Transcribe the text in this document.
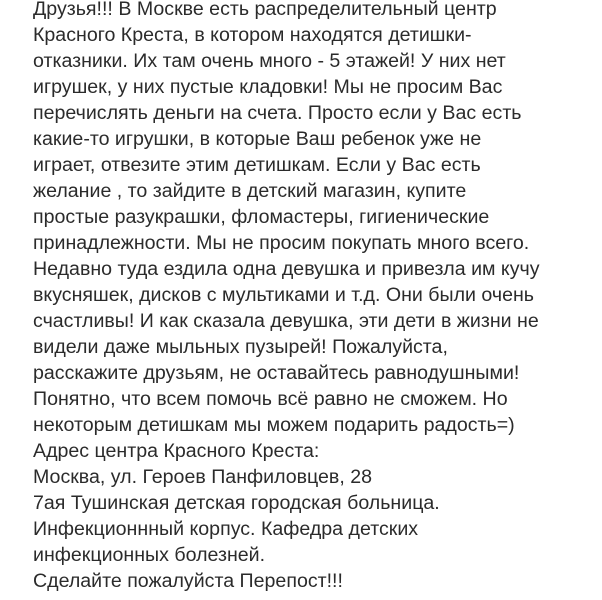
Друзья!!! В Москве есть распределительный центр
Красного Креста, в котором находятся детишки-
отказники. Их там очень много - 5 этажей! У них нет
игрушек, у них пустые кладовки! Мы не просим Вас
перечислять деньги на счета. Просто если у Вас есть
какие-то игрушки, в которые Ваш ребенок уже не
играет, отвезите этим детишкам. Если у Вас есть
желание , то зайдите в детский магазин, купите
простые разукрашки, фломастеры, гигиенические
принадлежности. Мы не просим покупать много всего.
Недавно туда ездила одна девушка и привезла им кучу
вкусняшек, дисков с мультиками и т.д. Они были очень
счастливы! И как сказала девушка, эти дети в жизни не
видели даже мыльных пузырей! Пожалуйста,
расскажите друзьям, не оставайтесь равнодушными!
Понятно, что всем помочь всё равно не сможем. Но
некоторым детишкам мы можем подарить радость=)
Адрес центра Красного Креста:
Москва, ул. Героев Панфиловцев, 28
7ая Тушинская детская городская больница.
Инфекционнный корпус. Кафедра детских
инфекционных болезней.
Сделайте пожалуйста Перепост!!!
